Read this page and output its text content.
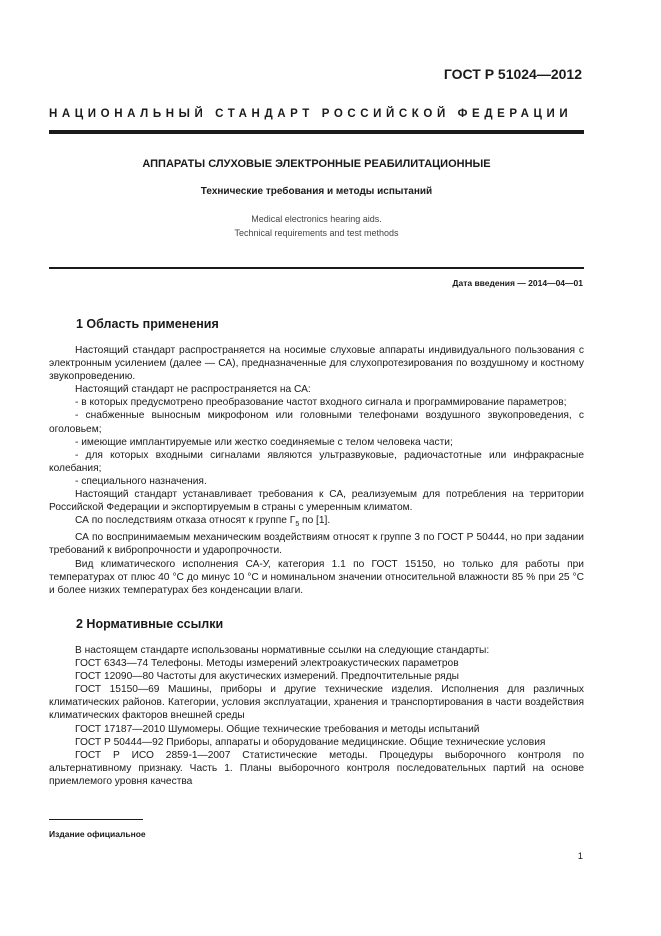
ГОСТ Р 51024—2012
НАЦИОНАЛЬНЫЙ СТАНДАРТ РОССИЙСКОЙ ФЕДЕРАЦИИ
АППАРАТЫ СЛУХОВЫЕ ЭЛЕКТРОННЫЕ РЕАБИЛИТАЦИОННЫЕ
Технические требования и методы испытаний
Medical electronics hearing aids.
Technical requirements and test methods
Дата введения — 2014—04—01
1 Область применения

Настоящий стандарт распространяется на носимые слуховые аппараты индивидуального пользования с электронным усилением (далее — СА), предназначенные для слухопротезирования по воздушному и костному звукопроведению.

Настоящий стандарт не распространяется на СА:

- в которых предусмотрено преобразование частот входного сигнала и программирование параметров;

- снабженные выносным микрофоном или головными телефонами воздушного звукопроведения, с оголовьем;

- имеющие имплантируемые или жестко соединяемые с телом человека части;

- для которых входными сигналами являются ультразвуковые, радиочастотные или инфракрасные колебания;

- специального назначения.

Настоящий стандарт устанавливает требования к СА, реализуемым для потребления на территории Российской Федерации и экспортируемым в страны с умеренным климатом.

СА по последствиям отказа относят к группе $Г_5$ по [1].

СА по воспринимаемым механическим воздействиям относят к группе 3 по ГОСТ Р 50444, но при задании требований к вибропрочности и ударопрочности.

Вид климатического исполнения СА-У, категория 1.1 по ГОСТ 15150, но только для работы при температурах от плюс 40 °С до минус 10 °С и номинальном значении относительной влажности 85 % при 25 °С и более низких температурах без конденсации влаги.

2 Нормативные ссылки

В настоящем стандарте использованы нормативные ссылки на следующие стандарты:

ГОСТ 6343—74 Телефоны. Методы измерений электроакустических параметров

ГОСТ 12090—80 Частоты для акустических измерений. Предпочтительные ряды

ГОСТ 15150—69 Машины, приборы и другие технические изделия. Исполнения для различных климатических районов. Категории, условия эксплуатации, хранения и транспортирования в части воздействия климатических факторов внешней среды

ГОСТ 17187—2010 Шумомеры. Общие технические требования и методы испытаний

ГОСТ Р 50444—92 Приборы, аппараты и оборудование медицинские. Общие технические условия

ГОСТ Р ИСО 2859-1—2007 Статистические методы. Процедуры выборочного контроля по альтернативному признаку. Часть 1. Планы выборочного контроля последовательных партий на основе приемлемого уровня качества

Издание официальное
1
